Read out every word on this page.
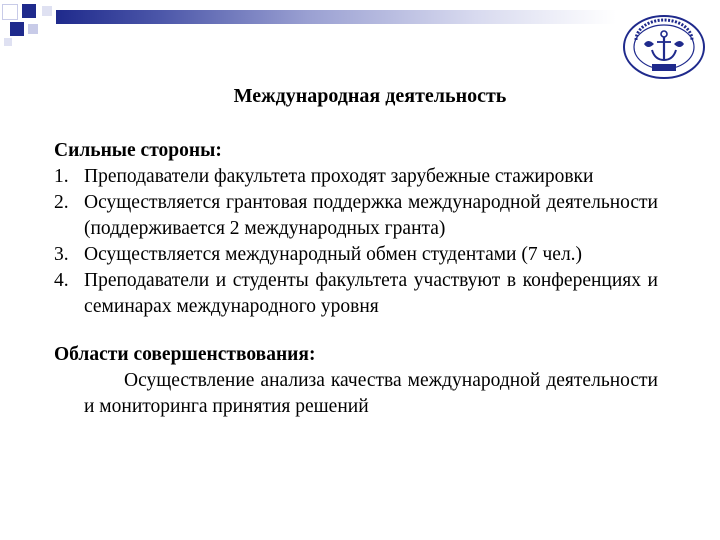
Международная деятельность

Сильные стороны:

1. Преподаватели факультета проходят зарубежные стажировки
2. Осуществляется грантовая поддержка международной деятельности (поддерживается 2 международных гранта)
3. Осуществляется международный обмен студентами (7 чел.)
4. Преподаватели и студенты факультета участвуют в конференциях и семинарах международного уровня

Области совершенствования:

Осуществление анализа качества международной деятельности и мониторинга принятия решений
